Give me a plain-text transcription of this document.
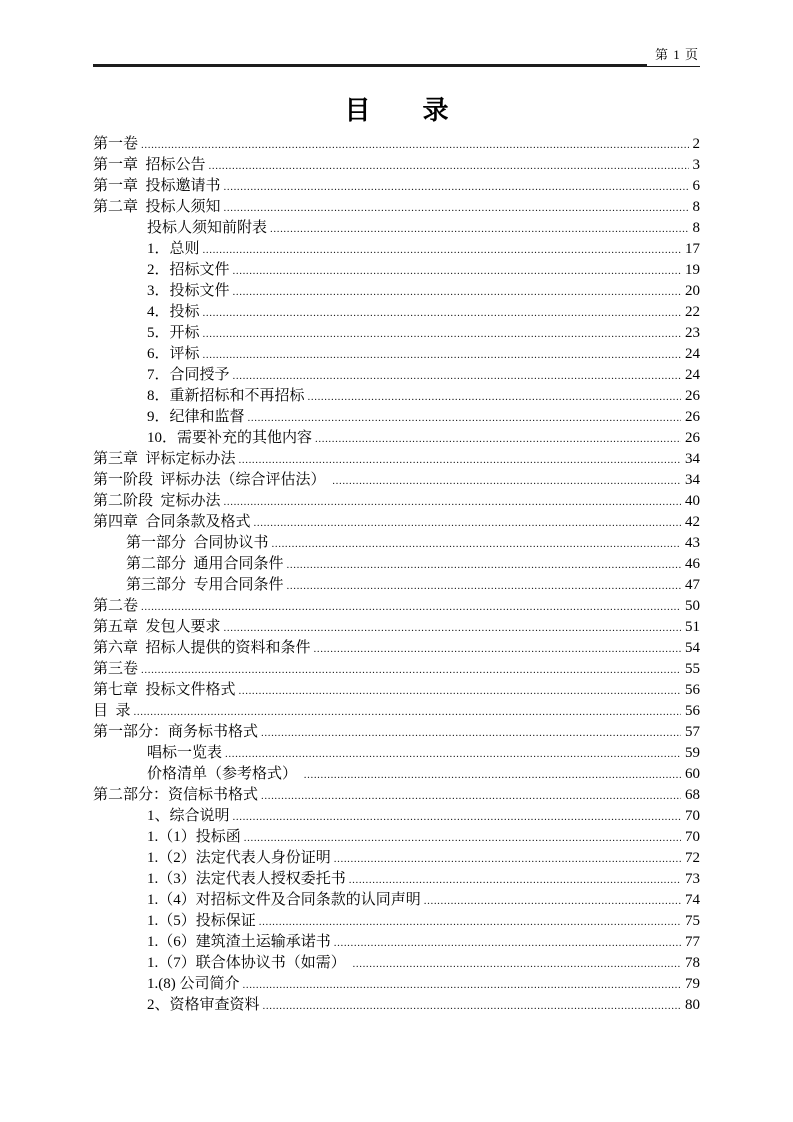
第 1 页
目　　录
第一卷 .....	2
第一章  招标公告 .....	3
第一章  投标邀请书 .....	6
第二章  投标人须知 .....	8
投标人须知前附表 .....	8
1．总则 .....	17
2．招标文件 .....	19
3．投标文件 .....	20
4．投标 .....	22
5．开标 .....	23
6．评标 .....	24
7．合同授予 .....	24
8．重新招标和不再招标 .....	26
9．纪律和监督 .....	26
10．需要补充的其他内容 .....	26
第三章  评标定标办法 .....	34
第一阶段  评标办法（综合评估法） .....	34
第二阶段  定标办法 .....	40
第四章  合同条款及格式 .....	42
第一部分  合同协议书 .....	43
第二部分  通用合同条件 .....	46
第三部分  专用合同条件 .....	47
第二卷 .....	50
第五章  发包人要求 .....	51
第六章  招标人提供的资料和条件 .....	54
第三卷 .....	55
第七章  投标文件格式 .....	56
目  录 .....	56
第一部分：商务标书格式 .....	57
唱标一览表 .....	59
价格清单（参考格式） .....	60
第二部分：资信标书格式 .....	68
1、综合说明 .....	70
1.（1）投标函 .....	70
1.（2）法定代表人身份证明 .....	72
1.（3）法定代表人授权委托书 .....	73
1.（4）对招标文件及合同条款的认同声明 .....	74
1.（5）投标保证 .....	75
1.（6）建筑渣土运输承诺书 .....	77
1.（7）联合体协议书（如需） .....	78
1.(8) 公司简介 .....	79
2、资格审查资料 .....	80
